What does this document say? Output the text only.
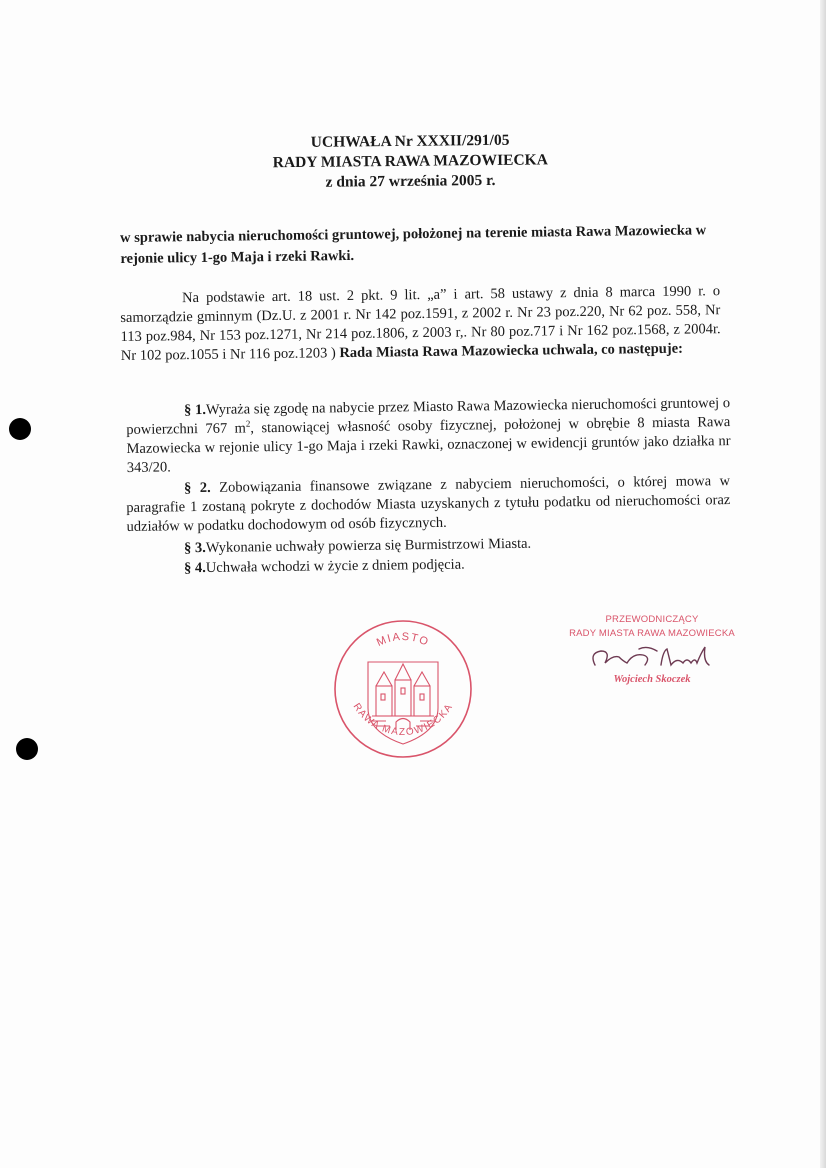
UCHWAŁA Nr XXXII/291/05
RADY MIASTA RAWA MAZOWIECKA
z dnia 27 września 2005 r.
w sprawie nabycia nieruchomości gruntowej, położonej na terenie miasta Rawa Mazowiecka w rejonie ulicy 1-go Maja i rzeki Rawki.
Na podstawie art. 18 ust. 2 pkt. 9 lit. „a” i art. 58 ustawy z dnia 8 marca 1990 r. o samorządzie gminnym (Dz.U. z 2001 r. Nr 142 poz.1591, z 2002 r. Nr 23 poz.220, Nr 62 poz. 558, Nr 113 poz.984, Nr 153 poz.1271, Nr 214 poz.1806, z 2003 r,. Nr 80 poz.717 i Nr 162 poz.1568, z 2004r. Nr 102 poz.1055 i Nr 116 poz.1203 ) Rada Miasta Rawa Mazowiecka uchwala, co następuje:
§ 1.Wyraża się zgodę na nabycie przez Miasto Rawa Mazowiecka nieruchomości gruntowej o powierzchni 767 $m^2$, stanowiącej własność osoby fizycznej, położonej w obrębie 8 miasta Rawa Mazowiecka w rejonie ulicy 1-go Maja i rzeki Rawki, oznaczonej w ewidencji gruntów jako działka nr 343/20.
§ 2. Zobowiązania finansowe związane z nabyciem nieruchomości, o której mowa w paragrafie 1 zostaną pokryte z dochodów Miasta uzyskanych z tytułu podatku od nieruchomości oraz udziałów w podatku dochodowym od osób fizycznych.
§ 3.Wykonanie uchwały powierza się Burmistrzowi Miasta.
§ 4.Uchwała wchodzi w życie z dniem podjęcia.
MIASTO
RAWA MAZOWIECKA
PRZEWODNICZĄCY
RADY MIASTA RAWA MAZOWIECKA
Wojciech Skoczek
